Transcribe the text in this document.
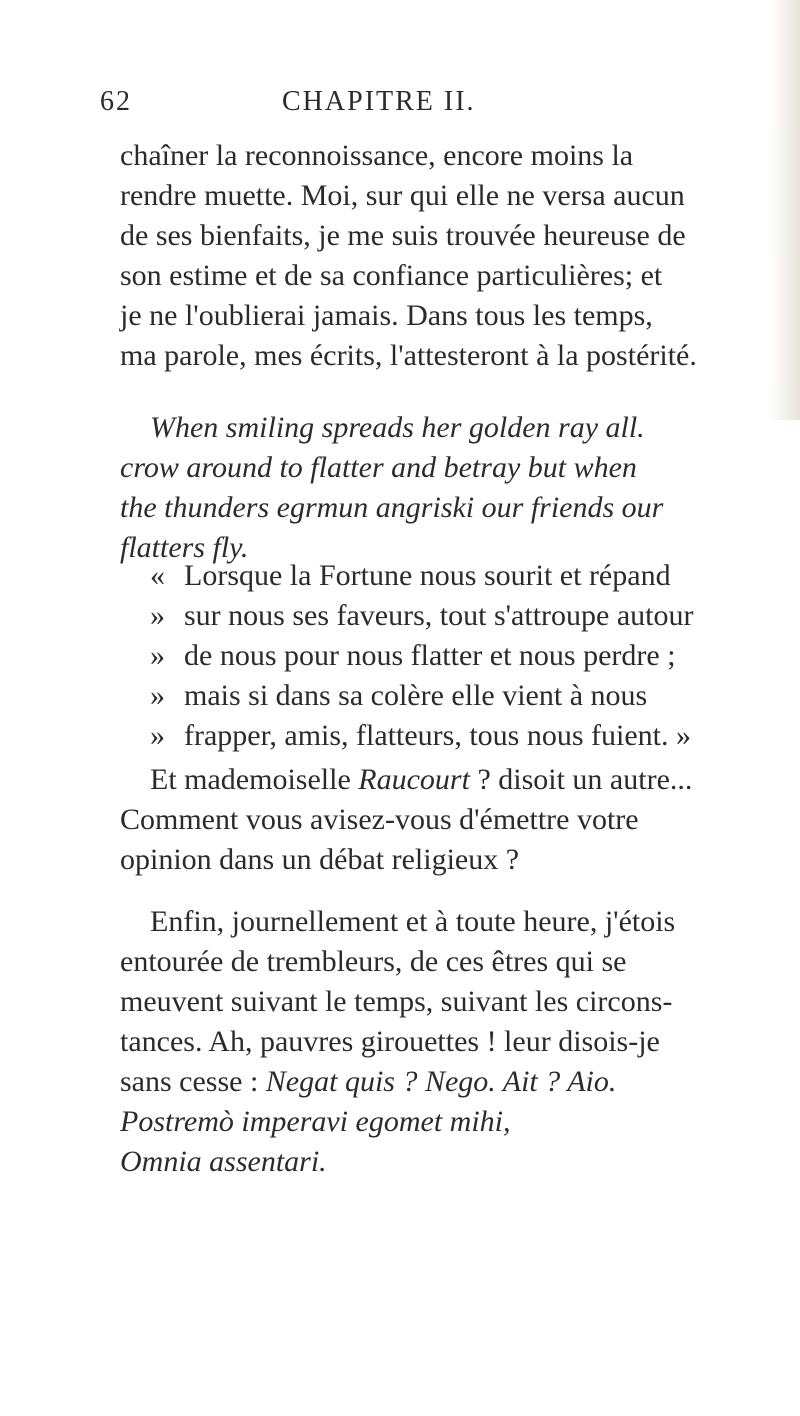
62	CHAPITRE II.
chaîner la reconnoissance, encore moins la
rendre muette. Moi, sur qui elle ne versa aucun
de ses bienfaits, je me suis trouvée heureuse de
son estime et de sa confiance particulières; et
je ne l'oublierai jamais. Dans tous les temps,
ma parole, mes écrits, l'attesteront à la postérité.
When smiling spreads her golden ray all.
crow around to flatter and betray but when
the thunders egrmun angriski our friends our
flatters fly.
« Lorsque la Fortune nous sourit et répand
» sur nous ses faveurs, tout s'attroupe autour
» de nous pour nous flatter et nous perdre ;
» mais si dans sa colère elle vient à nous
» frapper, amis, flatteurs, tous nous fuient. »
Et mademoiselle Raucourt ? disoit un autre...
Comment vous avisez-vous d'émettre votre
opinion dans un débat religieux ?
Enfin, journellement et à toute heure, j'étois
entourée de trembleurs, de ces êtres qui se
meuvent suivant le temps, suivant les circons-
tances. Ah, pauvres girouettes ! leur disois-je
sans cesse : Negat quis ? Nego. Ait ? Aio.
Postremò imperavi egomet mihi,
Omnia assentari.
